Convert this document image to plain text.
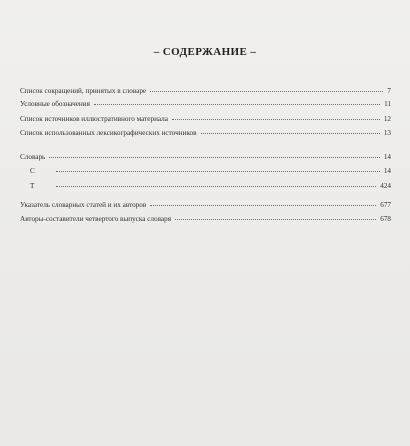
– СОДЕРЖАНИЕ –
Список сокращений, принятых в словаре	7
Условные обозначения	11
Список источников иллюстративного материала	12
Список использованных лексикографических источников	13
Словарь	14
С	14
Т	424
Указатель словарных статей и их авторов	677
Авторы-составители четвертого выпуска словаря	678
